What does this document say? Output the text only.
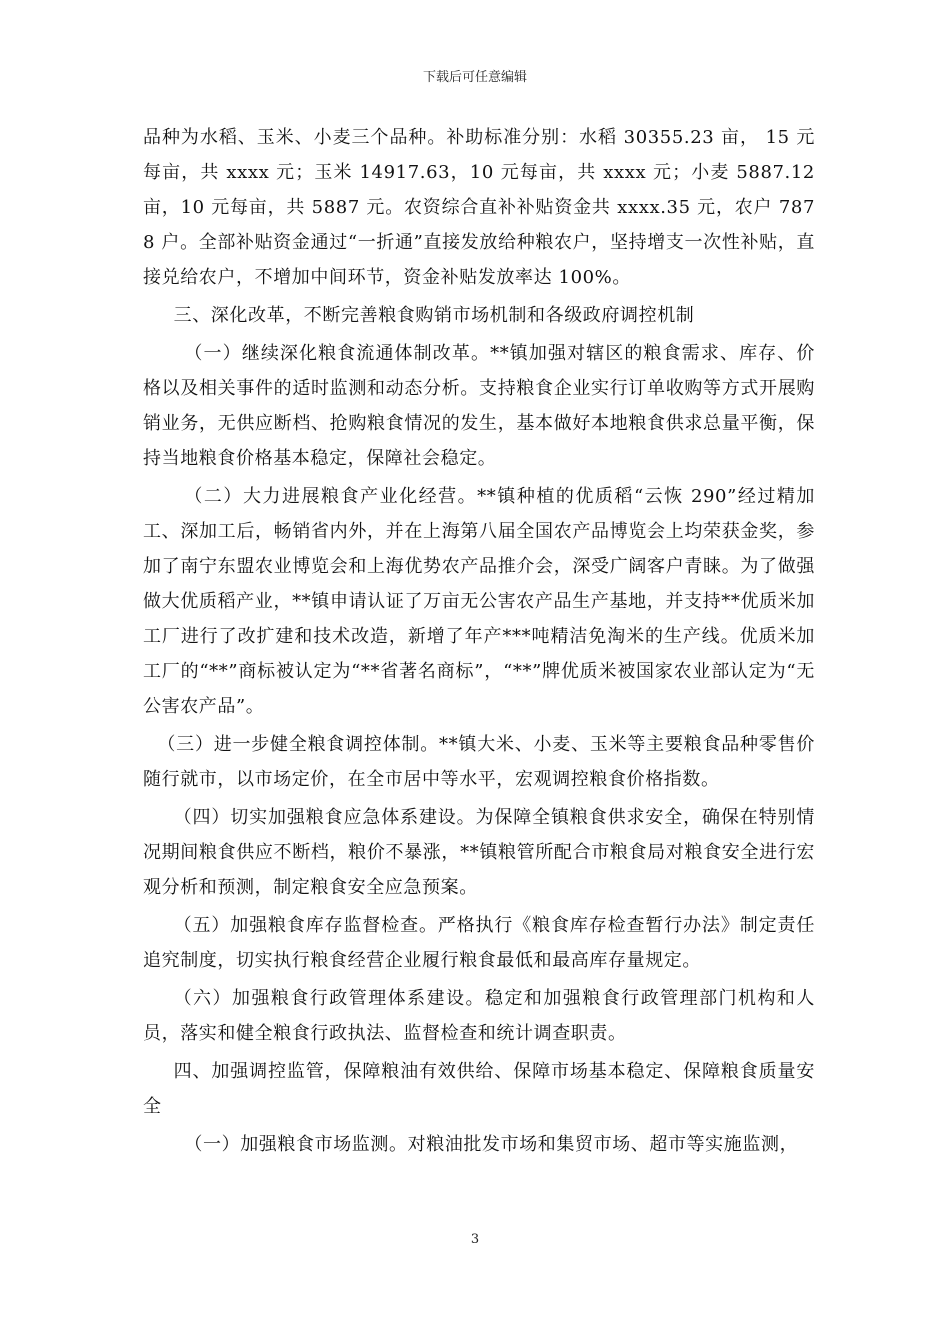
下载后可任意编辑

品种为水稻、玉米、小麦三个品种。补助标准分别：水稻 30355.23 亩， 15 元每亩，共 xxxx 元；玉米 14917.63，10 元每亩，共 xxxx 元；小麦 5887.12 亩，10 元每亩，共 5887 元。农资综合直补补贴资金共 xxxx.35 元，农户 7878 户。全部补贴资金通过“一折通”直接发放给种粮农户，坚持增支一次性补贴，直接兑给农户，不增加中间环节，资金补贴发放率达 100%。

三、深化改革，不断完善粮食购销市场机制和各级政府调控机制

（一）继续深化粮食流通体制改革。**镇加强对辖区的粮食需求、库存、价格以及相关事件的适时监测和动态分析。支持粮食企业实行订单收购等方式开展购销业务，无供应断档、抢购粮食情况的发生，基本做好本地粮食供求总量平衡，保持当地粮食价格基本稳定，保障社会稳定。

（二）大力进展粮食产业化经营。**镇种植的优质稻“云恢 290”经过精加工、深加工后，畅销省内外，并在上海第八届全国农产品博览会上均荣获金奖，参加了南宁东盟农业博览会和上海优势农产品推介会，深受广阔客户青睐。为了做强做大优质稻产业，**镇申请认证了万亩无公害农产品生产基地，并支持**优质米加工厂进行了改扩建和技术改造，新增了年产***吨精洁免淘米的生产线。优质米加工厂的“**”商标被认定为“**省著名商标”，“**”牌优质米被国家农业部认定为“无公害农产品”。

（三）进一步健全粮食调控体制。**镇大米、小麦、玉米等主要粮食品种零售价随行就市，以市场定价，在全市居中等水平，宏观调控粮食价格指数。

（四）切实加强粮食应急体系建设。为保障全镇粮食供求安全，确保在特别情况期间粮食供应不断档，粮价不暴涨，**镇粮管所配合市粮食局对粮食安全进行宏观分析和预测，制定粮食安全应急预案。

（五）加强粮食库存监督检查。严格执行《粮食库存检查暂行办法》制定责任追究制度，切实执行粮食经营企业履行粮食最低和最高库存量规定。

（六）加强粮食行政管理体系建设。稳定和加强粮食行政管理部门机构和人员，落实和健全粮食行政执法、监督检查和统计调查职责。

四、加强调控监管，保障粮油有效供给、保障市场基本稳定、保障粮食质量安全

（一）加强粮食市场监测。对粮油批发市场和集贸市场、超市等实施监测，

3
